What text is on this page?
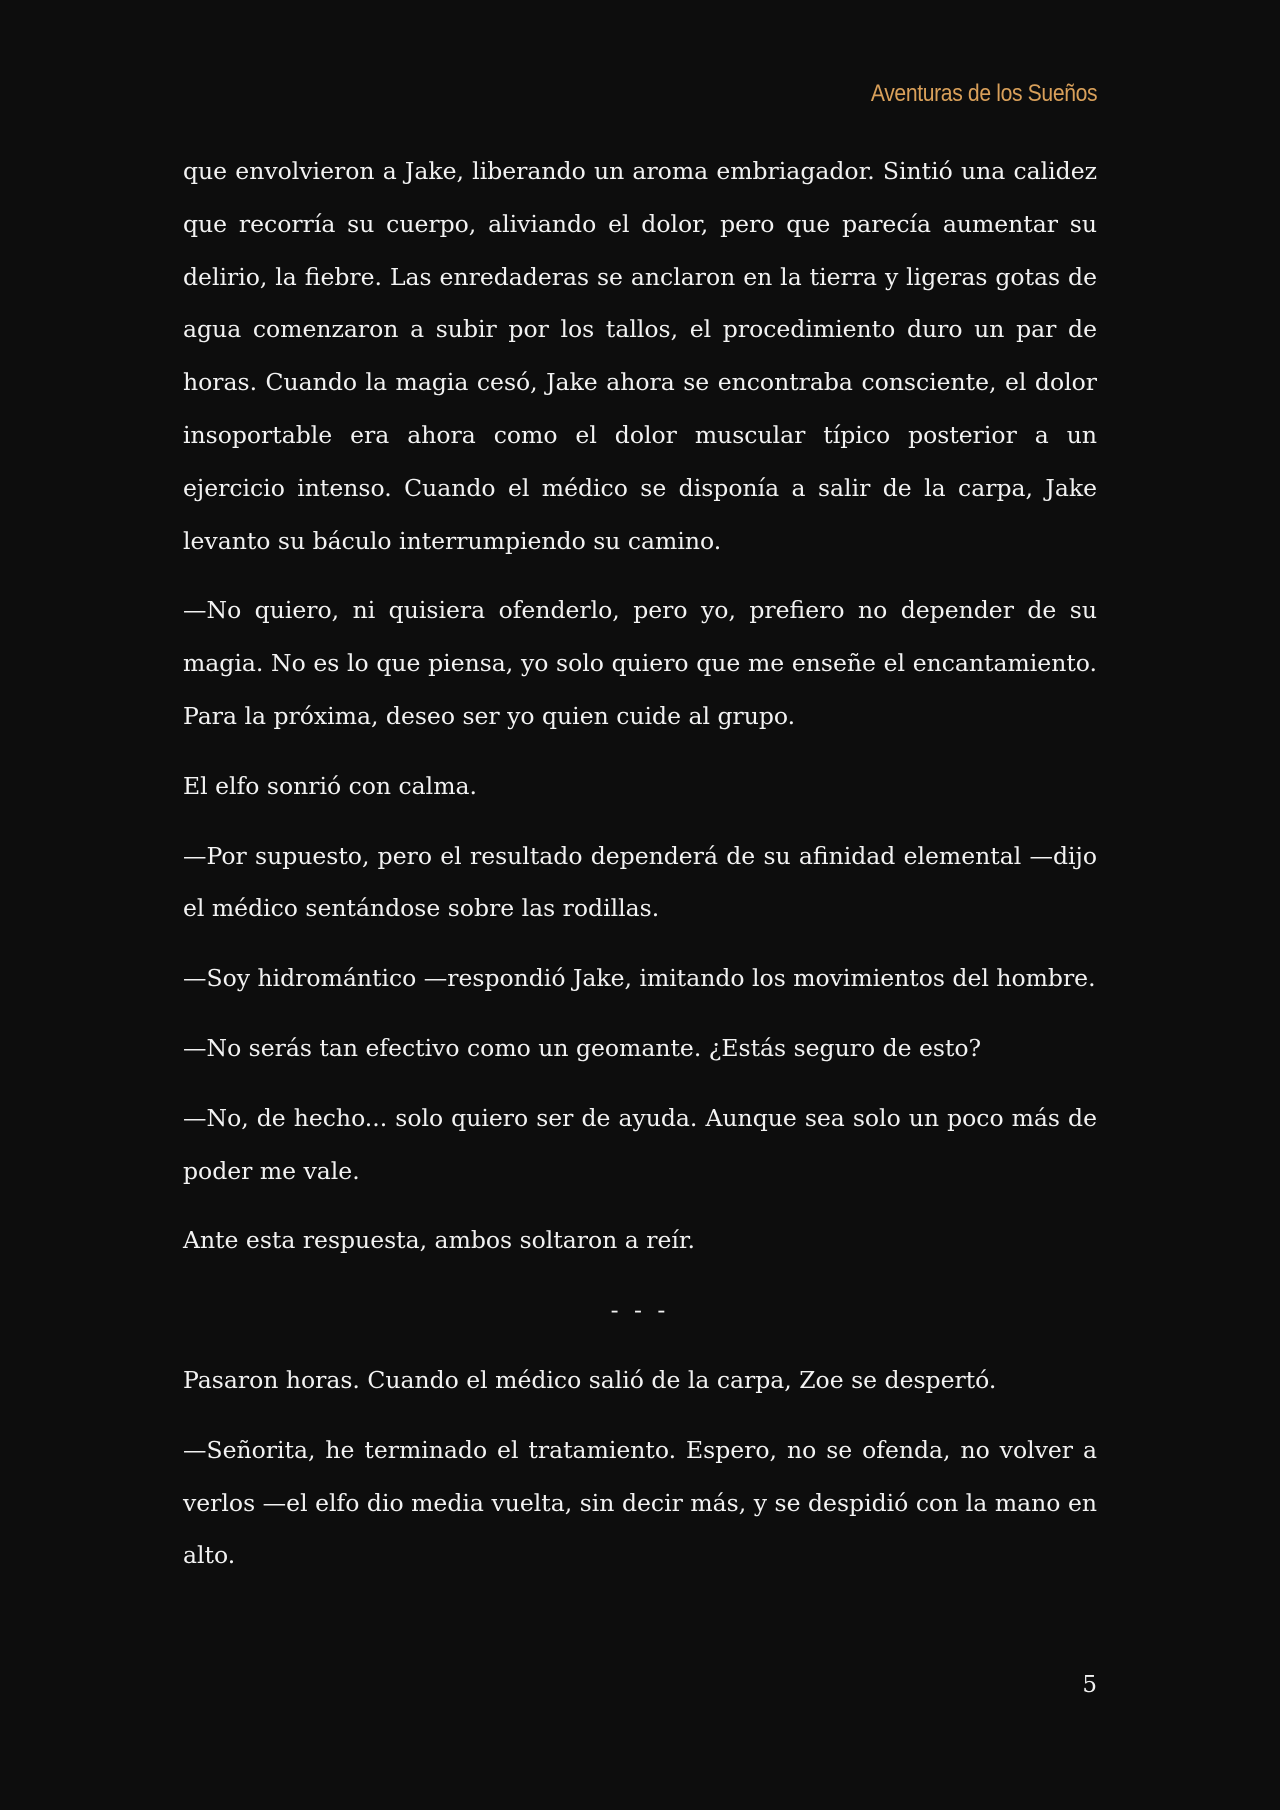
Aventuras de los Sueños

que envolvieron a Jake, liberando un aroma embriagador. Sintió una calidez que recorría su cuerpo, aliviando el dolor, pero que parecía aumentar su delirio, la fiebre. Las enredaderas se anclaron en la tierra y ligeras gotas de agua comenzaron a subir por los tallos, el procedimiento duro un par de horas. Cuando la magia cesó, Jake ahora se encontraba consciente, el dolor insoportable era ahora como el dolor muscular típico posterior a un ejercicio intenso. Cuando el médico se disponía a salir de la carpa, Jake levanto su báculo interrumpiendo su camino.

—No quiero, ni quisiera ofenderlo, pero yo, prefiero no depender de su magia. No es lo que piensa, yo solo quiero que me enseñe el encantamiento. Para la próxima, deseo ser yo quien cuide al grupo.

El elfo sonrió con calma.

—Por supuesto, pero el resultado dependerá de su afinidad elemental —dijo el médico sentándose sobre las rodillas.

—Soy hidromántico —respondió Jake, imitando los movimientos del hombre.

—No serás tan efectivo como un geomante. ¿Estás seguro de esto?

—No, de hecho... solo quiero ser de ayuda. Aunque sea solo un poco más de poder me vale.

Ante esta respuesta, ambos soltaron a reír.

- - -

Pasaron horas. Cuando el médico salió de la carpa, Zoe se despertó.

—Señorita, he terminado el tratamiento. Espero, no se ofenda, no volver a verlos —el elfo dio media vuelta, sin decir más, y se despidió con la mano en alto.

5
